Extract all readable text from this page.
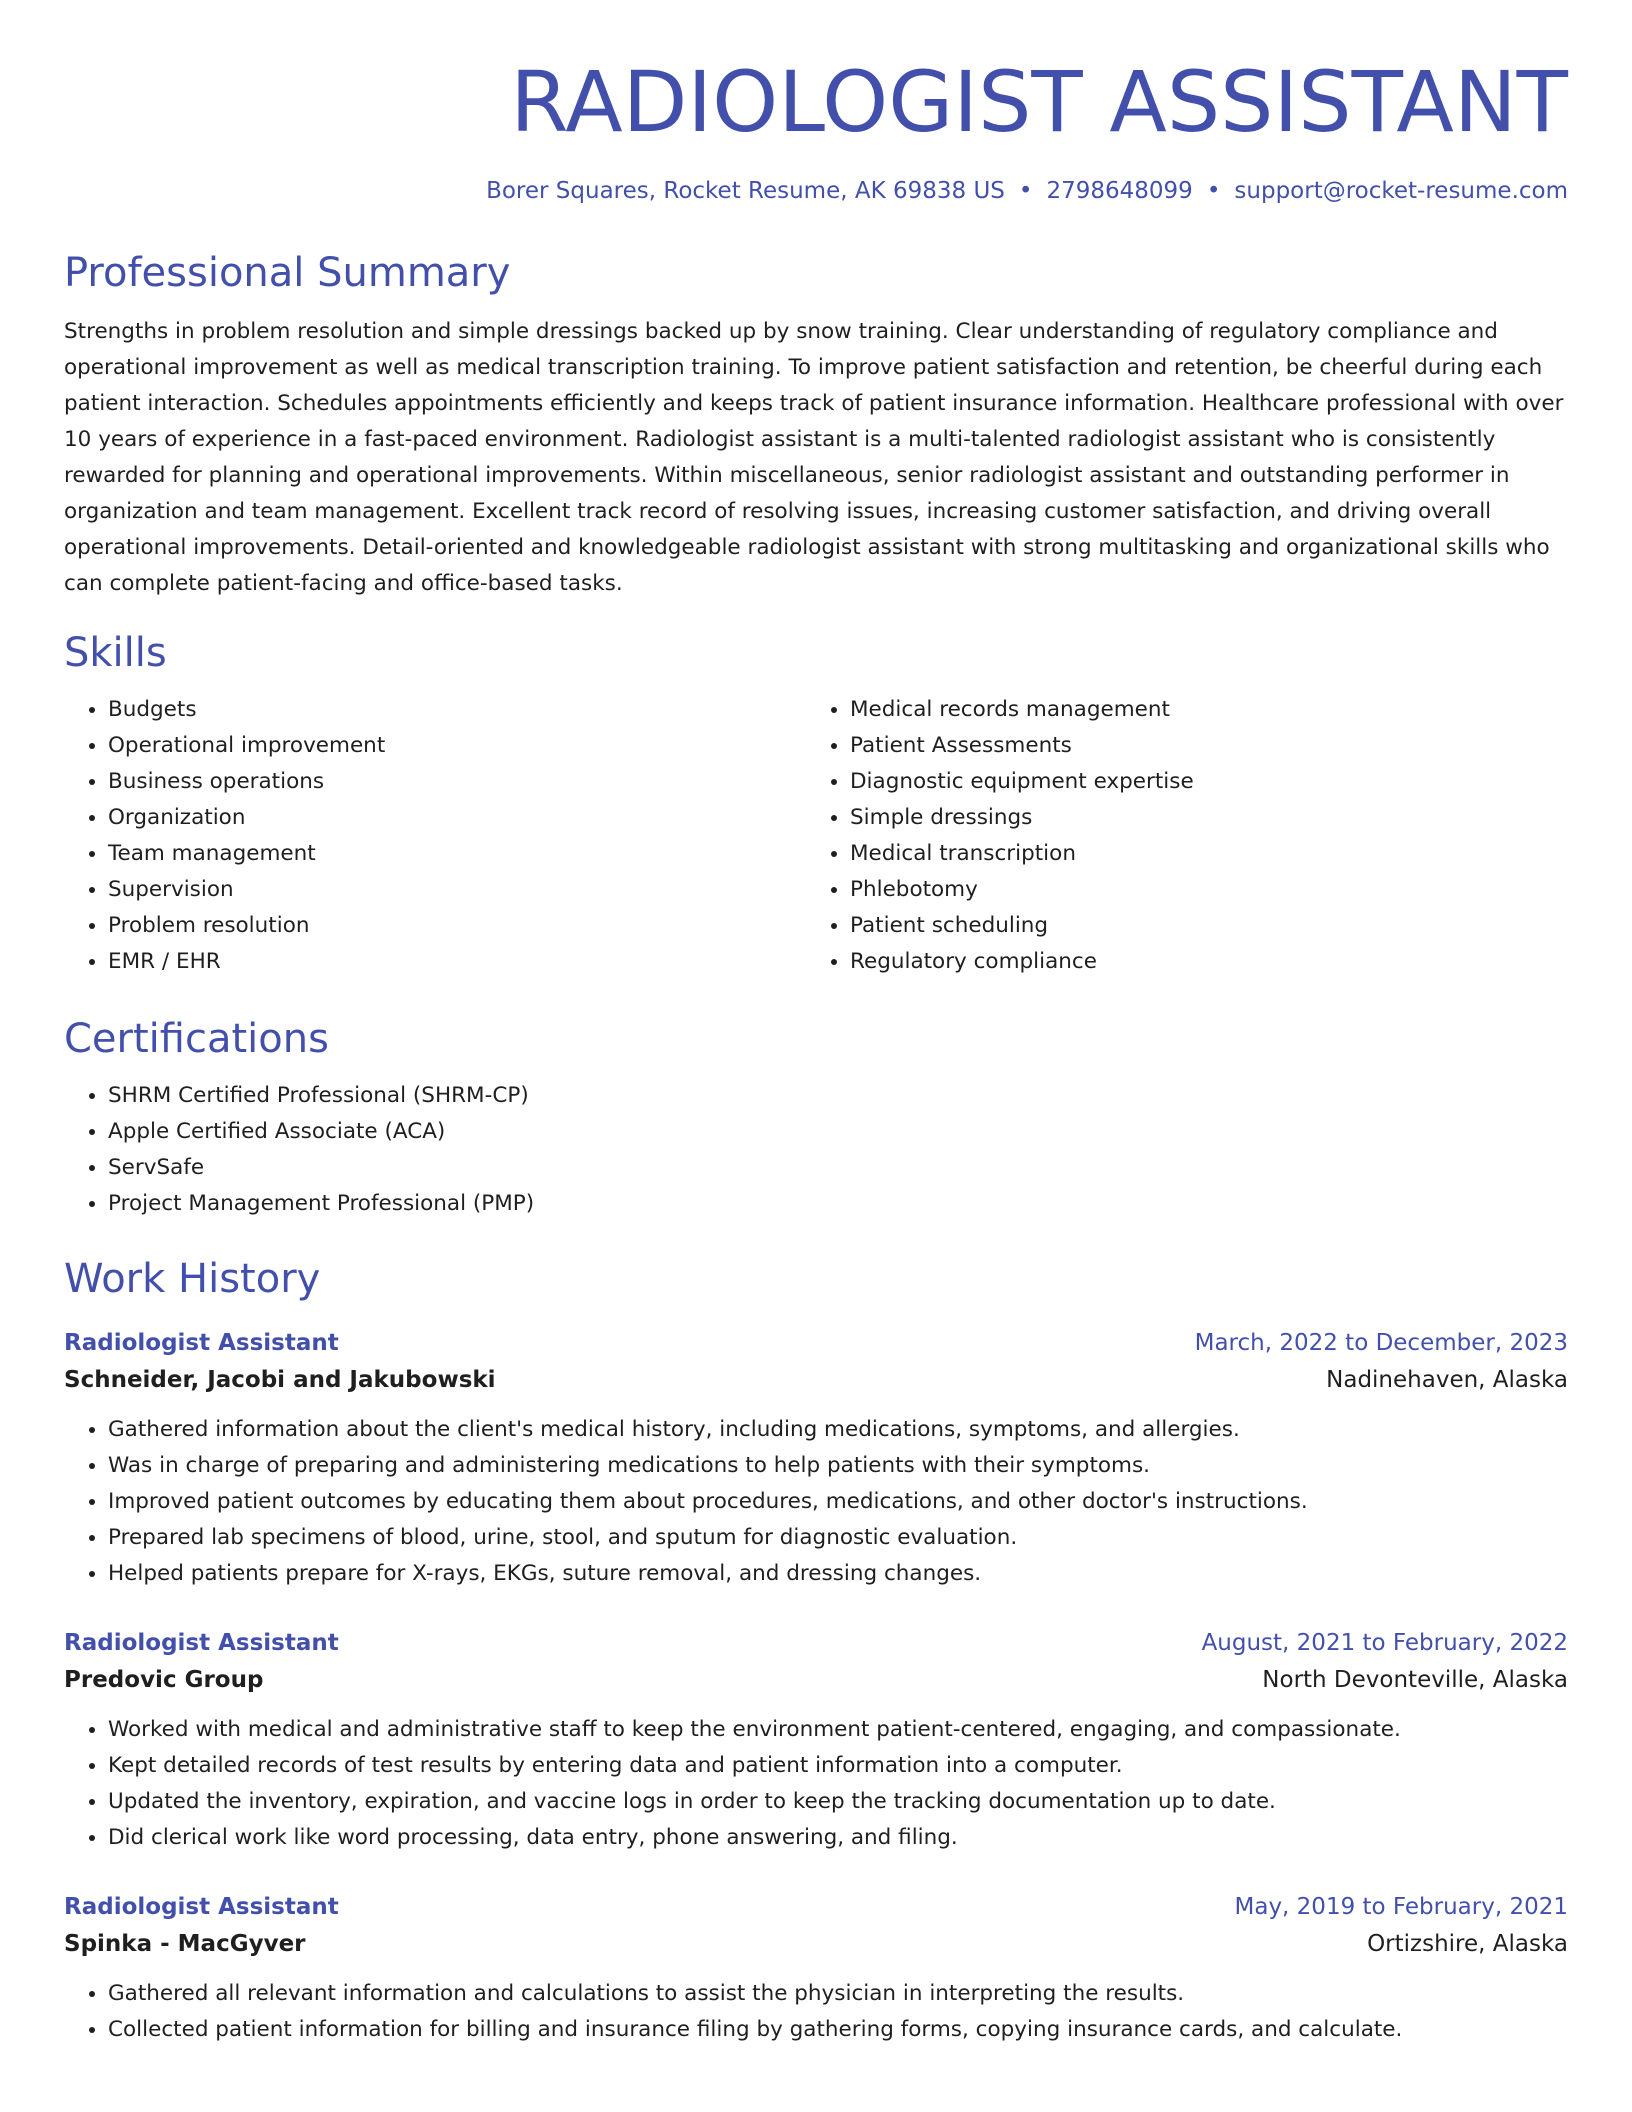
RADIOLOGIST ASSISTANT
Borer Squares, Rocket Resume, AK 69838 US • 2798648099 • support@rocket-resume.com
Professional Summary

Strengths in problem resolution and simple dressings backed up by snow training. Clear understanding of regulatory compliance and operational improvement as well as medical transcription training. To improve patient satisfaction and retention, be cheerful during each patient interaction. Schedules appointments efficiently and keeps track of patient insurance information. Healthcare professional with over 10 years of experience in a fast-paced environment. Radiologist assistant is a multi-talented radiologist assistant who is consistently rewarded for planning and operational improvements. Within miscellaneous, senior radiologist assistant and outstanding performer in organization and team management. Excellent track record of resolving issues, increasing customer satisfaction, and driving overall operational improvements. Detail-oriented and knowledgeable radiologist assistant with strong multitasking and organizational skills who can complete patient-facing and office-based tasks.

Skills
• Budgets
• Operational improvement
• Business operations
• Organization
• Team management
• Supervision
• Problem resolution
• EMR / EHR
• Medical records management
• Patient Assessments
• Diagnostic equipment expertise
• Simple dressings
• Medical transcription
• Phlebotomy
• Patient scheduling
• Regulatory compliance
Certifications
• SHRM Certified Professional (SHRM-CP)
• Apple Certified Associate (ACA)
• ServSafe
• Project Management Professional (PMP)
Work History
Radiologist Assistant	March, 2022 to December, 2023
Schneider, Jacobi and Jakubowski	Nadinehaven, Alaska
• Gathered information about the client's medical history, including medications, symptoms, and allergies.
• Was in charge of preparing and administering medications to help patients with their symptoms.
• Improved patient outcomes by educating them about procedures, medications, and other doctor's instructions.
• Prepared lab specimens of blood, urine, stool, and sputum for diagnostic evaluation.
• Helped patients prepare for X-rays, EKGs, suture removal, and dressing changes.
Radiologist Assistant	August, 2021 to February, 2022
Predovic Group	North Devonteville, Alaska
• Worked with medical and administrative staff to keep the environment patient-centered, engaging, and compassionate.
• Kept detailed records of test results by entering data and patient information into a computer.
• Updated the inventory, expiration, and vaccine logs in order to keep the tracking documentation up to date.
• Did clerical work like word processing, data entry, phone answering, and filing.
Radiologist Assistant	May, 2019 to February, 2021
Spinka - MacGyver	Ortizshire, Alaska
• Gathered all relevant information and calculations to assist the physician in interpreting the results.
• Collected patient information for billing and insurance filing by gathering forms, copying insurance cards, and calculate.
